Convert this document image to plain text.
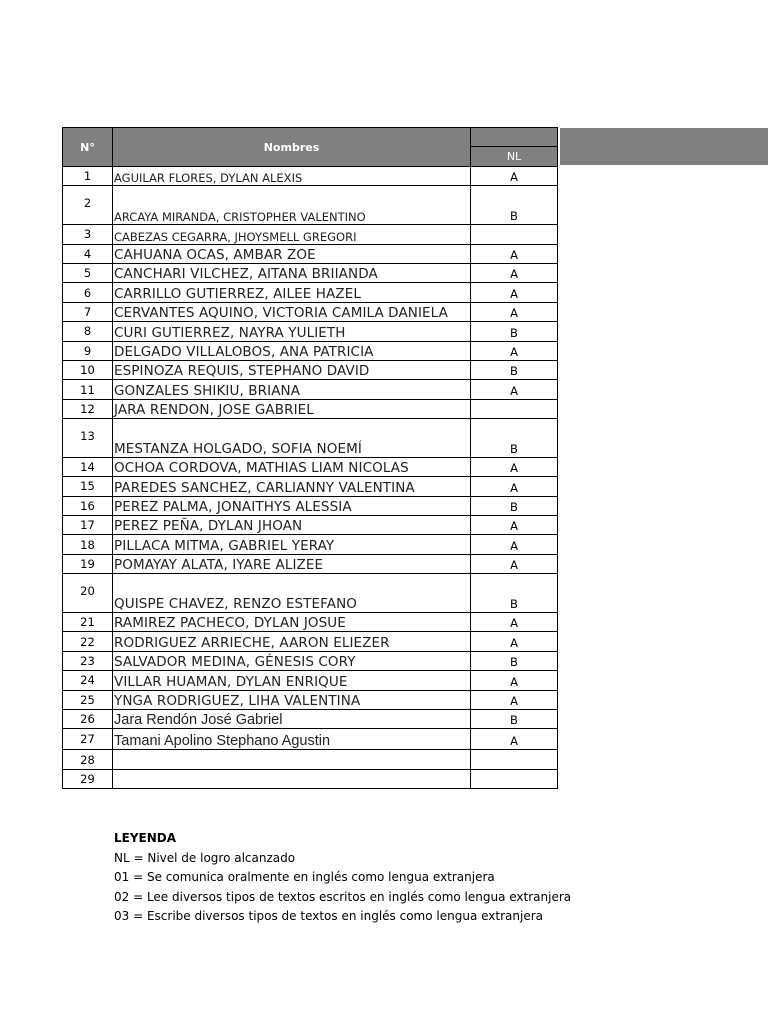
N°	Nombres	
		NL
1	AGUILAR FLORES, DYLAN ALEXIS	A
2	ARCAYA MIRANDA, CRISTOPHER VALENTINO	B
3	CABEZAS CEGARRA, JHOYSMELL GREGORI	
4	CAHUANA OCAS, AMBAR ZOE	A
5	CANCHARI VILCHEZ, AITANA BRIIANDA	A
6	CARRILLO GUTIERREZ, AILEE HAZEL	A
7	CERVANTES AQUINO, VICTORIA CAMILA DANIELA	A
8	CURI GUTIERREZ, NAYRA YULIETH	B
9	DELGADO VILLALOBOS, ANA PATRICIA	A
10	ESPINOZA REQUIS, STEPHANO DAVID	B
11	GONZALES SHIKIU, BRIANA	A
12	JARA RENDON, JOSE GABRIEL	
13	MESTANZA HOLGADO, SOFIA NOEMÍ	B
14	OCHOA CORDOVA, MATHIAS LIAM NICOLAS	A
15	PAREDES SANCHEZ, CARLIANNY VALENTINA	A
16	PEREZ PALMA, JONAITHYS ALESSIA	B
17	PEREZ PEÑA, DYLAN JHOAN	A
18	PILLACA MITMA, GABRIEL YERAY	A
19	POMAYAY ALATA, IYARE ALIZEE	A
20	QUISPE CHAVEZ, RENZO ESTEFANO	B
21	RAMIREZ PACHECO, DYLAN JOSUE	A
22	RODRIGUEZ ARRIECHE, AARON ELIEZER	A
23	SALVADOR MEDINA, GÉNESIS CORY	B
24	VILLAR HUAMAN, DYLAN ENRIQUE	A
25	YNGA RODRIGUEZ, LIHA VALENTINA	A
26	Jara Rendón José Gabriel	B
27	Tamani Apolino Stephano Agustin	A
28		
29		
LEYENDA
NL = Nivel de logro alcanzado
01 = Se comunica oralmente en inglés como lengua extranjera
02 = Lee diversos tipos de textos escritos en inglés como lengua extranjera
03 = Escribe diversos tipos de textos en inglés como lengua extranjera
